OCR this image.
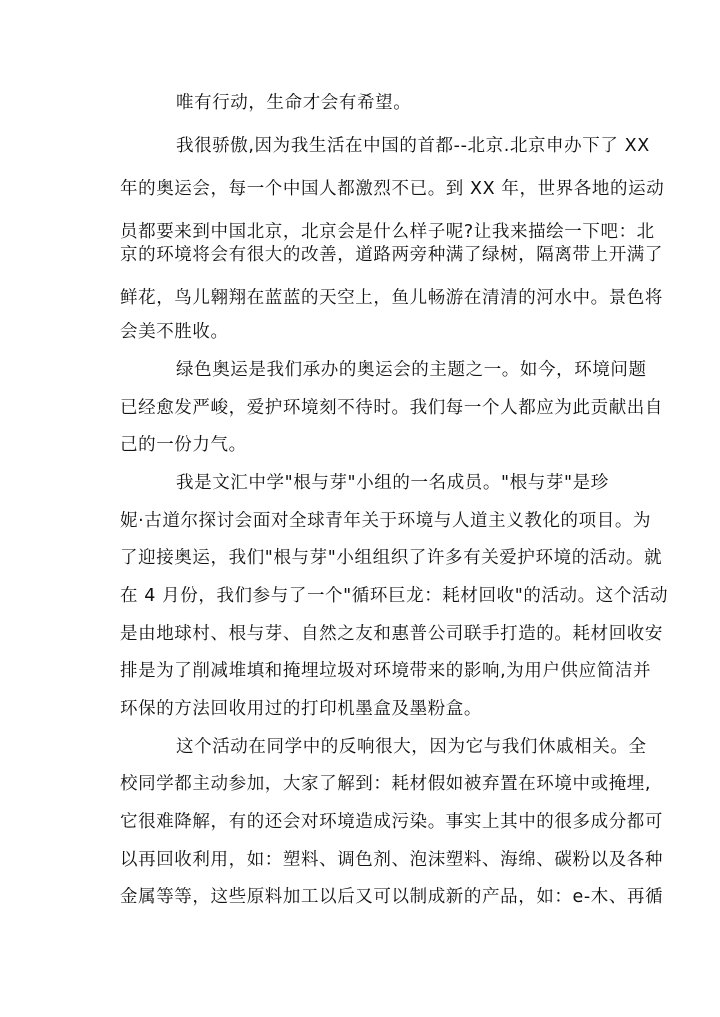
唯有行动，生命才会有希望。
我很骄傲,因为我生活在中国的首都--北京.北京申办下了 XX
年的奥运会，每一个中国人都激烈不已。到 XX 年，世界各地的运动
员都要来到中国北京，北京会是什么样子呢?让我来描绘一下吧：北
京的环境将会有很大的改善，道路两旁种满了绿树，隔离带上开满了
鲜花，鸟儿翱翔在蓝蓝的天空上，鱼儿畅游在清清的河水中。景色将
会美不胜收。
绿色奥运是我们承办的奥运会的主题之一。如今，环境问题
已经愈发严峻，爱护环境刻不待时。我们每一个人都应为此贡献出自
己的一份力气。
我是文汇中学"根与芽"小组的一名成员。"根与芽"是珍
妮·古道尔探讨会面对全球青年关于环境与人道主义教化的项目。为
了迎接奥运，我们"根与芽"小组组织了许多有关爱护环境的活动。就
在 4 月份，我们参与了一个"循环巨龙：耗材回收"的活动。这个活动
是由地球村、根与芽、自然之友和惠普公司联手打造的。耗材回收安
排是为了削减堆填和掩埋垃圾对环境带来的影响,为用户供应简洁并
环保的方法回收用过的打印机墨盒及墨粉盒。
这个活动在同学中的反响很大，因为它与我们休戚相关。全
校同学都主动参加，大家了解到：耗材假如被弃置在环境中或掩埋,
它很难降解，有的还会对环境造成污染。事实上其中的很多成分都可
以再回收利用，如：塑料、调色剂、泡沫塑料、海绵、碳粉以及各种
金属等等，这些原料加工以后又可以制成新的产品，如：e-木、再循
